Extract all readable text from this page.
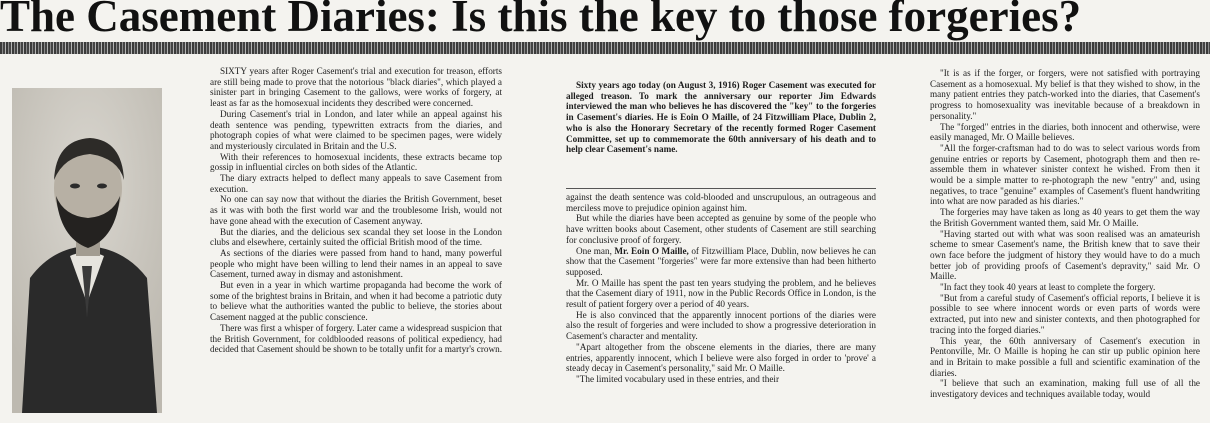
The Casement Diaries: Is this the key to those forgeries?

SIXTY years after Roger Casement's trial and execution for treason, efforts are still being made to prove that the notorious "black diaries", which played a sinister part in bringing Casement to the gallows, were works of forgery, at least as far as the homosexual incidents they described were concerned.

During Casement's trial in London, and later while an appeal against his death sentence was pending, typewritten extracts from the diaries, and photograph copies of what were claimed to be specimen pages, were widely and mysteriously circulated in Britain and the U.S.

With their references to homosexual incidents, these extracts became top gossip in influential circles on both sides of the Atlantic.

The diary extracts helped to deflect many appeals to save Casement from execution.

No one can say now that without the diaries the British Government, beset as it was with both the first world war and the troublesome Irish, would not have gone ahead with the execution of Casement anyway.

But the diaries, and the delicious sex scandal they set loose in the London clubs and elsewhere, certainly suited the official British mood of the time.

As sections of the diaries were passed from hand to hand, many powerful people who might have been willing to lend their names in an appeal to save Casement, turned away in dismay and astonishment.

But even in a year in which wartime propaganda had become the work of some of the brightest brains in Britain, and when it had become a patriotic duty to believe what the authorities wanted the public to believe, the stories about Casement nagged at the public conscience.

There was first a whisper of forgery. Later came a widespread suspicion that the British Government, for coldblooded reasons of political expediency, had decided that Casement should be shown to be totally unfit for a martyr's crown.

Sixty years ago today (on August 3, 1916) Roger Casement was executed for alleged treason. To mark the anniversary our reporter Jim Edwards interviewed the man who believes he has discovered the "key" to the forgeries in Casement's diaries. He is Eoin O Maille, of 24 Fitzwilliam Place, Dublin 2, who is also the Honorary Secretary of the recently formed Roger Casement Committee, set up to commemorate the 60th anniversary of his death and to help clear Casement's name.

against the death sentence was cold-blooded and unscrupulous, an outrageous and merciless move to prejudice opinion against him.

But while the diaries have been accepted as genuine by some of the people who have written books about Casement, other students of Casement are still searching for conclusive proof of forgery.

One man, Mr. Eoin O Maille, of Fitzwilliam Place, Dublin, now believes he can show that the Casement "forgeries" were far more extensive than had been hitherto supposed.

Mr. O Maille has spent the past ten years studying the problem, and he believes that the Casement diary of 1911, now in the Public Records Office in London, is the result of patient forgery over a period of 40 years.

He is also convinced that the apparently innocent portions of the diaries were also the result of forgeries and were included to show a progressive deterioration in Casement's character and mentality.

"Apart altogether from the obscene elements in the diaries, there are many entries, apparently innocent, which I believe were also forged in order to 'prove' a steady decay in Casement's personality," said Mr. O Maille.

"The limited vocabulary used in these entries, and their

"It is as if the forger, or forgers, were not satisfied with portraying Casement as a homosexual. My belief is that they wished to show, in the many patient entries they patch-worked into the diaries, that Casement's progress to homosexuality was inevitable because of a breakdown in personality."

The "forged" entries in the diaries, both innocent and otherwise, were easily managed, Mr. O Maille believes.

"All the forger-craftsman had to do was to select various words from genuine entries or reports by Casement, photograph them and then re-assemble them in whatever sinister context he wished. From then it would be a simple matter to re-photograph the new "entry" and, using negatives, to trace "genuine" examples of Casement's fluent handwriting into what are now paraded as his diaries."

The forgeries may have taken as long as 40 years to get them the way the British Government wanted them, said Mr. O Maille.

"Having started out with what was soon realised was an amateurish scheme to smear Casement's name, the British knew that to save their own face before the judgment of history they would have to do a much better job of providing proofs of Casement's depravity," said Mr. O Maille.

"In fact they took 40 years at least to complete the forgery.

"But from a careful study of Casement's official reports, I believe it is possible to see where innocent words or even parts of words were extracted, put into new and sinister contexts, and then photographed for tracing into the forged diaries."

This year, the 60th anniversary of Casement's execution in Pentonville, Mr. O Maille is hoping he can stir up public opinion here and in Britain to make possible a full and scientific examination of the diaries.

"I believe that such an examination, making full use of all the investigatory devices and techniques available today, would
